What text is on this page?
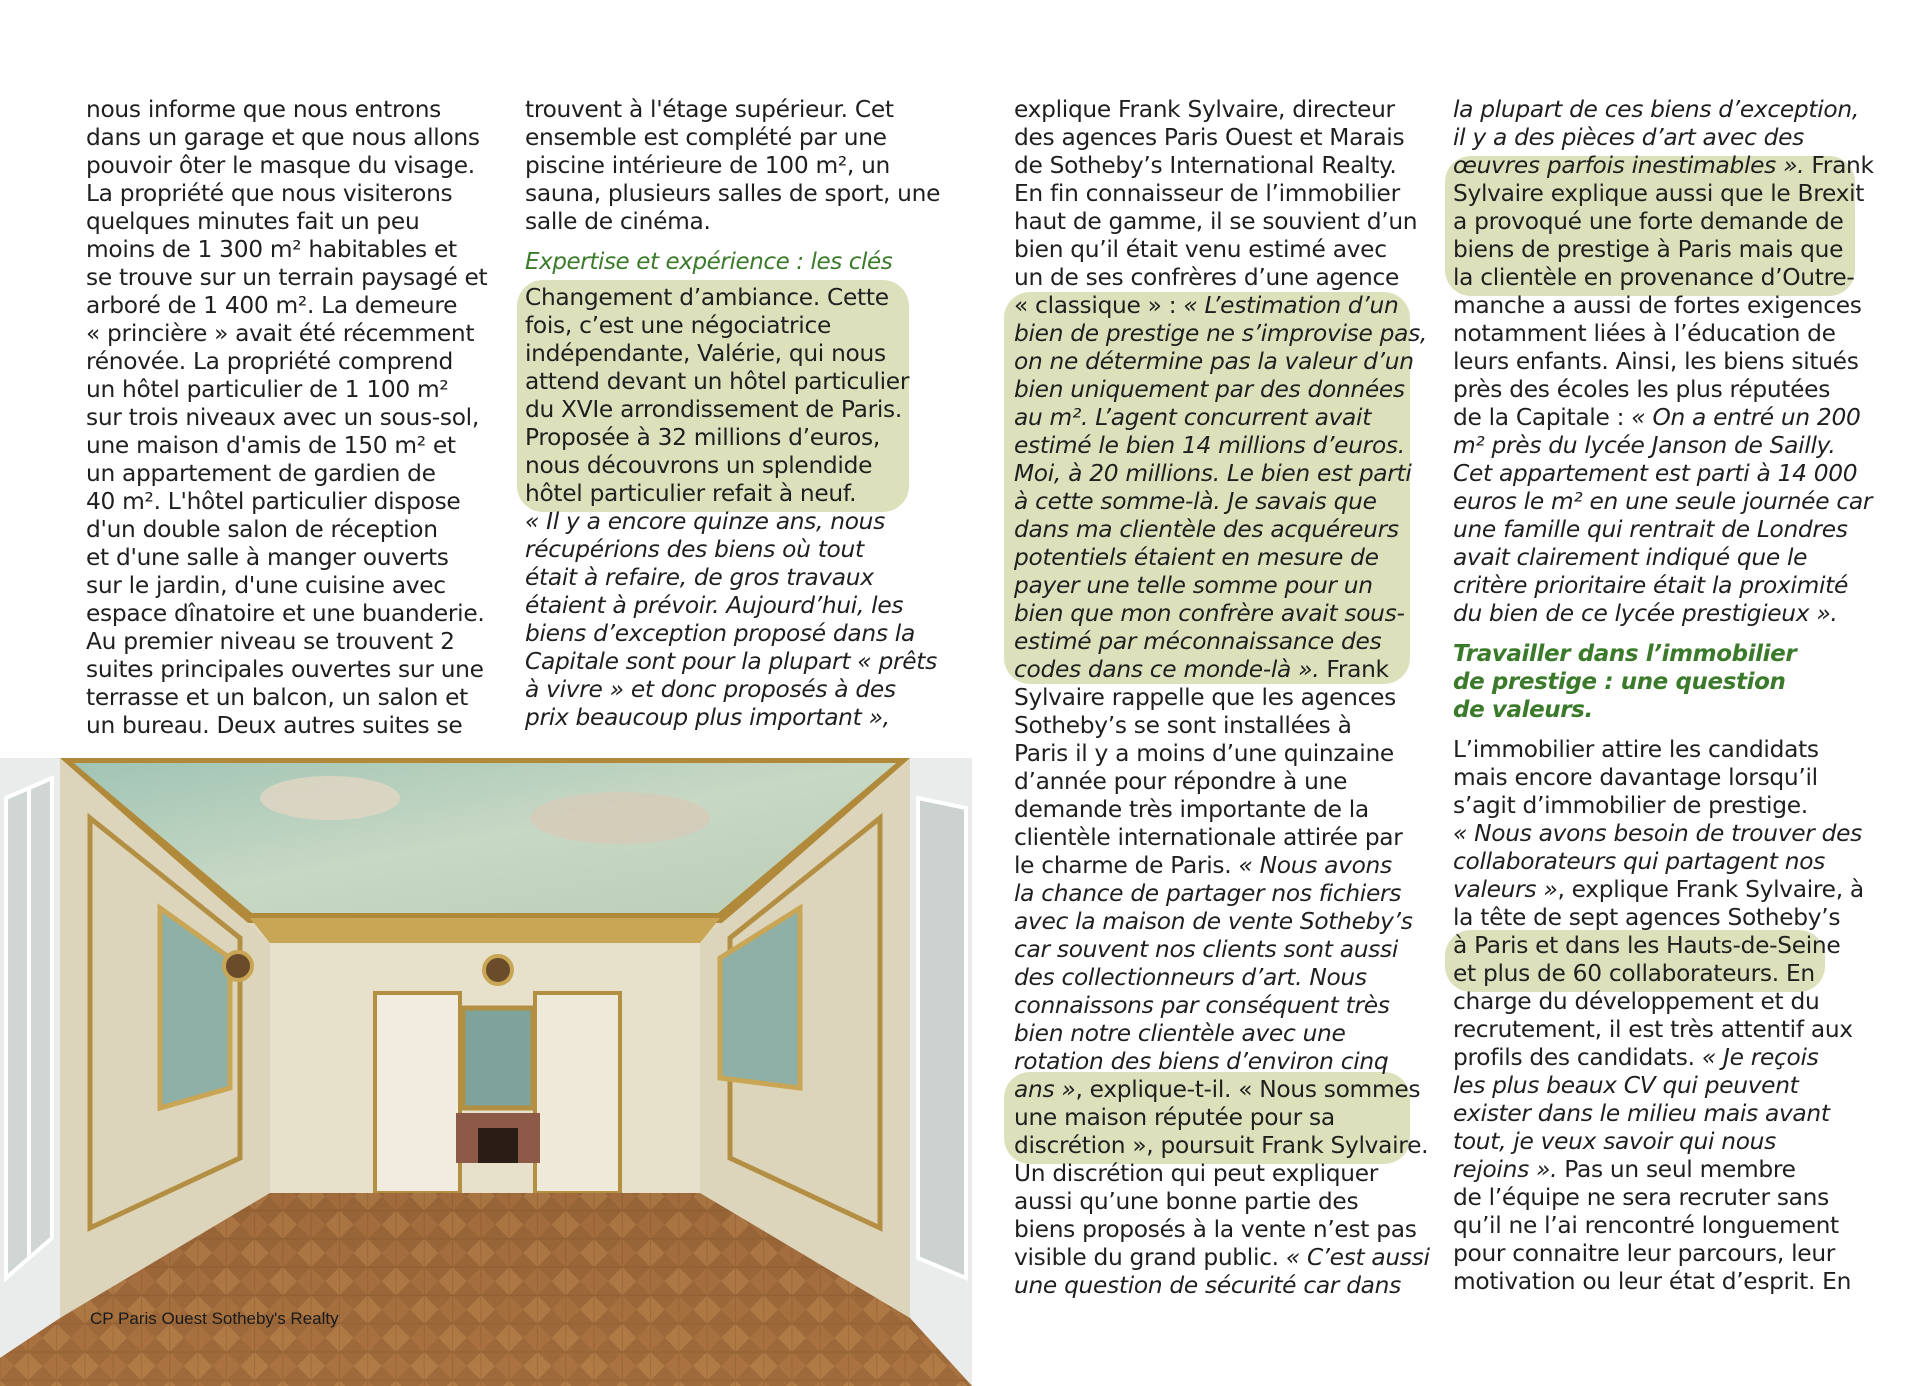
nous informe que nous entrons
dans un garage et que nous allons
pouvoir ôter le masque du visage.
La propriété que nous visiterons
quelques minutes fait un peu
moins de 1 300 m² habitables et
se trouve sur un terrain paysagé et
arboré de 1 400 m². La demeure
« princière » avait été récemment
rénovée. La propriété comprend
un hôtel particulier de 1 100 m²
sur trois niveaux avec un sous-sol,
une maison d'amis de 150 m² et
un appartement de gardien de
40 m². L'hôtel particulier dispose
d'un double salon de réception
et d'une salle à manger ouverts
sur le jardin, d'une cuisine avec
espace dînatoire et une buanderie.
Au premier niveau se trouvent 2
suites principales ouvertes sur une
terrasse et un balcon, un salon et
un bureau. Deux autres suites se
trouvent à l'étage supérieur. Cet
ensemble est complété par une
piscine intérieure de 100 m², un
sauna, plusieurs salles de sport, une
salle de cinéma.
Expertise et expérience : les clés
Changement d’ambiance. Cette
fois, c’est une négociatrice
indépendante, Valérie, qui nous
attend devant un hôtel particulier
du XVIe arrondissement de Paris.
Proposée à 32 millions d’euros,
nous découvrons un splendide
hôtel particulier refait à neuf.
« Il y a encore quinze ans, nous
récupérions des biens où tout
était à refaire, de gros travaux
étaient à prévoir. Aujourd’hui, les
biens d’exception proposé dans la
Capitale sont pour la plupart « prêts
à vivre » et donc proposés à des
prix beaucoup plus important »,
explique Frank Sylvaire, directeur
des agences Paris Ouest et Marais
de Sotheby’s International Realty.
En fin connaisseur de l’immobilier
haut de gamme, il se souvient d’un
bien qu’il était venu estimé avec
un de ses confrères d’une agence
« classique » : « L’estimation d’un
bien de prestige ne s’improvise pas,
on ne détermine pas la valeur d’un
bien uniquement par des données
au m². L’agent concurrent avait
estimé le bien 14 millions d’euros.
Moi, à 20 millions. Le bien est parti
à cette somme-là. Je savais que
dans ma clientèle des acquéreurs
potentiels étaient en mesure de
payer une telle somme pour un
bien que mon confrère avait sous-
estimé par méconnaissance des
codes dans ce monde-là ». Frank
Sylvaire rappelle que les agences
Sotheby’s se sont installées à
Paris il y a moins d’une quinzaine
d’année pour répondre à une
demande très importante de la
clientèle internationale attirée par
le charme de Paris. « Nous avons
la chance de partager nos fichiers
avec la maison de vente Sotheby’s
car souvent nos clients sont aussi
des collectionneurs d’art. Nous
connaissons par conséquent très
bien notre clientèle avec une
rotation des biens d’environ cinq
ans », explique-t-il. « Nous sommes
une maison réputée pour sa
discrétion », poursuit Frank Sylvaire.
Un discrétion qui peut expliquer
aussi qu’une bonne partie des
biens proposés à la vente n’est pas
visible du grand public. « C’est aussi
une question de sécurité car dans
la plupart de ces biens d’exception,
il y a des pièces d’art avec des
œuvres parfois inestimables ». Frank
Sylvaire explique aussi que le Brexit
a provoqué une forte demande de
biens de prestige à Paris mais que
la clientèle en provenance d’Outre-
manche a aussi de fortes exigences
notamment liées à l’éducation de
leurs enfants. Ainsi, les biens situés
près des écoles les plus réputées
de la Capitale : « On a entré un 200
m² près du lycée Janson de Sailly.
Cet appartement est parti à 14 000
euros le m² en une seule journée car
une famille qui rentrait de Londres
avait clairement indiqué que le
critère prioritaire était la proximité
du bien de ce lycée prestigieux ».
Travailler dans l’immobilier
de prestige : une question
de valeurs.
L’immobilier attire les candidats
mais encore davantage lorsqu’il
s’agit d’immobilier de prestige.
« Nous avons besoin de trouver des
collaborateurs qui partagent nos
valeurs », explique Frank Sylvaire, à
la tête de sept agences Sotheby’s
à Paris et dans les Hauts-de-Seine
et plus de 60 collaborateurs. En
charge du développement et du
recrutement, il est très attentif aux
profils des candidats. « Je reçois
les plus beaux CV qui peuvent
exister dans le milieu mais avant
tout, je veux savoir qui nous
rejoins ». Pas un seul membre
de l’équipe ne sera recruter sans
qu’il ne l’ai rencontré longuement
pour connaitre leur parcours, leur
motivation ou leur état d’esprit. En
CP Paris Ouest Sotheby's Realty
